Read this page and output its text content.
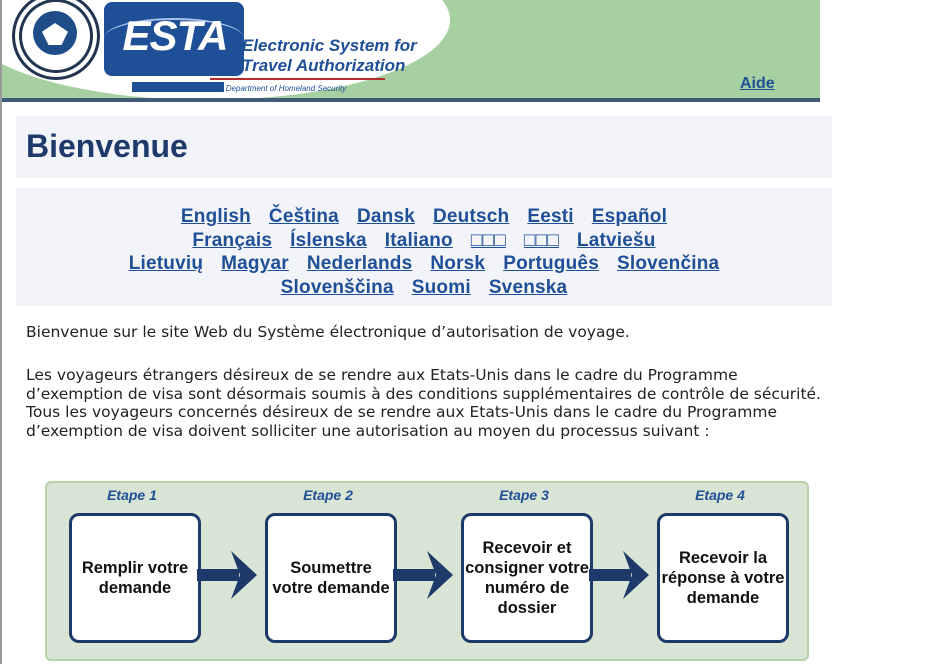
ESTA Electronic System for
Travel Authorization
U.S. Department of Homeland Security	Aide
Bienvenue
English Čeština Dansk Deutsch Eesti Español
Français Íslenska Italiano □□□ □□□ Latviešu
Lietuvių Magyar Nederlands Norsk Português Slovenčina
Slovenščina Suomi Svenska
Bienvenue sur le site Web du Système électronique d’autorisation de voyage.
Les voyageurs étrangers désireux de se rendre aux Etats-Unis dans le cadre du Programme d’exemption de visa sont désormais soumis à des conditions supplémentaires de contrôle de sécurité. Tous les voyageurs concernés désireux de se rendre aux Etats-Unis dans le cadre du Programme d’exemption de visa doivent solliciter une autorisation au moyen du processus suivant :
Etape 1	Etape 2	Etape 3	Etape 4
Remplir votre demande
Soumettre votre demande
Recevoir et consigner votre numéro de dossier
Recevoir la réponse à votre demande
